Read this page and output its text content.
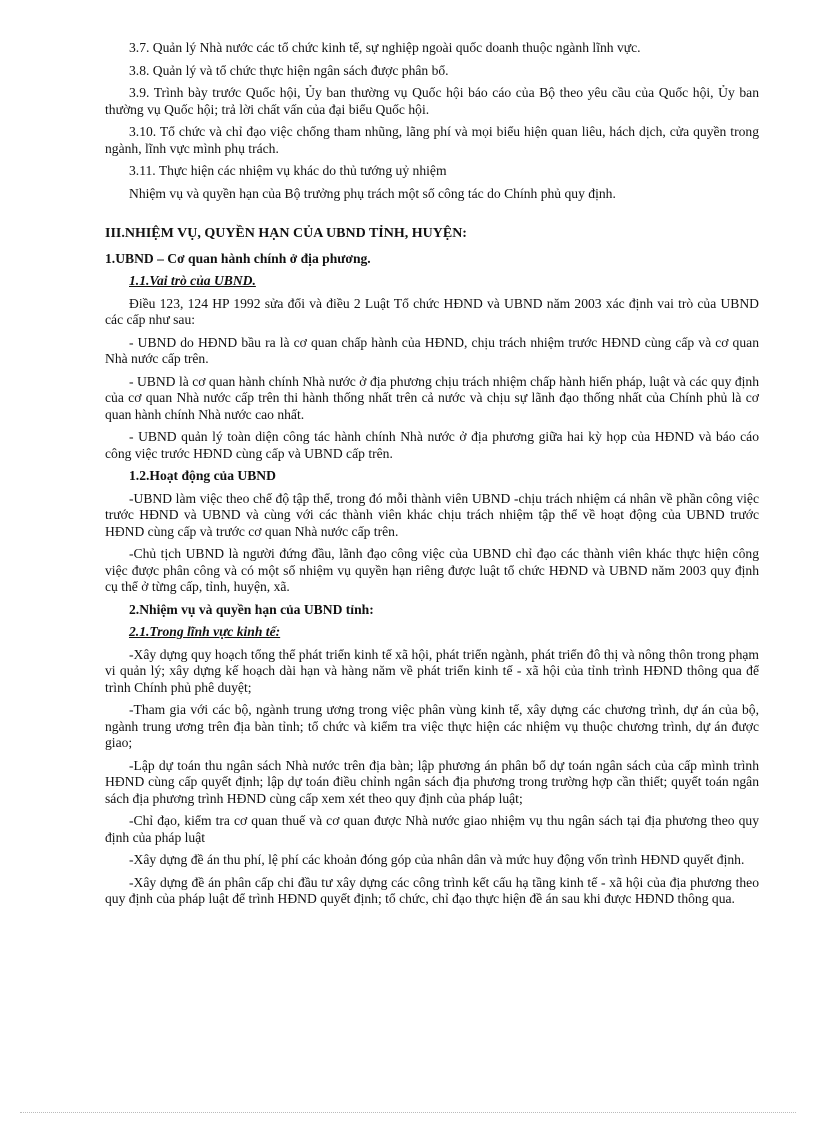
3.7. Quản lý Nhà nước các tổ chức kinh tế, sự nghiệp ngoài quốc doanh thuộc ngành lĩnh vực.

3.8. Quản lý và tổ chức thực hiện ngân sách được phân bổ.

3.9. Trình bày trước Quốc hội, Ủy ban thường vụ Quốc hội báo cáo của Bộ theo yêu cầu của Quốc hội, Ủy ban thường vụ Quốc hội; trả lời chất vấn của đại biểu Quốc hội.

3.10. Tổ chức và chỉ đạo việc chống tham nhũng, lãng phí và mọi biểu hiện quan liêu, hách dịch, cửa quyền trong ngành, lĩnh vực mình phụ trách.

3.11. Thực hiện các nhiệm vụ khác do thủ tướng uỷ nhiệm

Nhiệm vụ và quyền hạn của Bộ trưởng phụ trách một số công tác do Chính phủ quy định.

III.NHIỆM VỤ, QUYỀN HẠN CỦA UBND TỈNH, HUYỆN:

1.UBND – Cơ quan hành chính ở địa phương.

1.1.Vai trò của UBND.

Điều 123, 124 HP 1992 sửa đổi và điều 2 Luật Tổ chức HĐND và UBND năm 2003 xác định vai trò của UBND các cấp như sau:

- UBND do HĐND bầu ra là cơ quan chấp hành của HĐND, chịu trách nhiệm trước HĐND cùng cấp và cơ quan Nhà nước cấp trên.

- UBND là cơ quan hành chính Nhà nước ở địa phương chịu trách nhiệm chấp hành hiến pháp, luật và các quy định của cơ quan Nhà nước cấp trên thi hành thống nhất trên cả nước và chịu sự lãnh đạo thống nhất của Chính phủ là cơ quan hành chính Nhà nước cao nhất.

- UBND quản lý toàn diện công tác hành chính Nhà nước ở địa phương giữa hai kỳ họp của HĐND và báo cáo công việc trước HĐND cùng cấp và UBND cấp trên.

1.2.Hoạt động của UBND

-UBND làm việc theo chế độ tập thể, trong đó mỗi thành viên UBND -chịu trách nhiệm cá nhân về phần công việc trước HĐND và UBND và cùng với các thành viên khác chịu trách nhiệm tập thể về hoạt động của UBND trước HĐND cùng cấp và trước cơ quan Nhà nước cấp trên.

-Chủ tịch UBND là người đứng đầu, lãnh đạo công việc của UBND chỉ đạo các thành viên khác thực hiện công việc được phân công và có một số nhiệm vụ quyền hạn riêng được luật tổ chức HĐND và UBND năm 2003 quy định cụ thể ở từng cấp, tỉnh, huyện, xã.

2.Nhiệm vụ và quyền hạn của UBND tỉnh:

2.1.Trong lĩnh vực kinh tế:

-Xây dựng quy hoạch tổng thể phát triển kinh tế xã hội, phát triển ngành, phát triển đô thị và nông thôn trong phạm vi quản lý; xây dựng kế hoạch dài hạn và hàng năm về phát triển kinh tế - xã hội của tỉnh trình HĐND thông qua để trình Chính phủ phê duyệt;

-Tham gia với các bộ, ngành trung ương trong việc phân vùng kinh tế, xây dựng các chương trình, dự án của bộ, ngành trung ương trên địa bàn tỉnh; tổ chức và kiểm tra việc thực hiện các nhiệm vụ thuộc chương trình, dự án được giao;

-Lập dự toán thu ngân sách Nhà nước trên địa bàn; lập phương án phân bổ dự toán ngân sách của cấp mình trình HĐND cùng cấp quyết định; lập dự toán điều chỉnh ngân sách địa phương trong trường hợp cần thiết; quyết toán ngân sách địa phương trình HĐND cùng cấp xem xét theo quy định của pháp luật;

-Chỉ đạo, kiểm tra cơ quan thuế và cơ quan được Nhà nước giao nhiệm vụ thu ngân sách tại địa phương theo quy định của pháp luật

-Xây dựng đề án thu phí, lệ phí các khoản đóng góp của nhân dân và mức huy động vốn trình HĐND quyết định.

-Xây dựng đề án phân cấp chi đầu tư xây dựng các công trình kết cấu hạ tầng kinh tế - xã hội của địa phương theo quy định của pháp luật để trình HĐND quyết định; tổ chức, chỉ đạo thực hiện đề án sau khi được HĐND thông qua.
